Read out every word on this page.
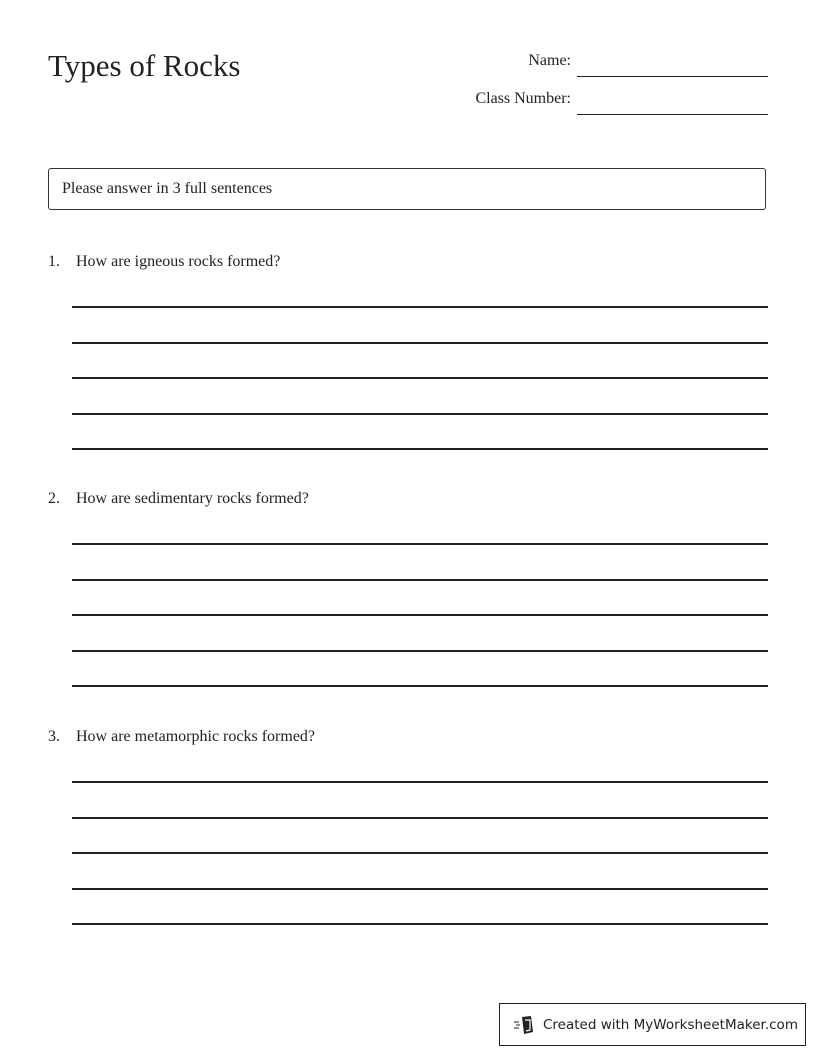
Types of Rocks	Name:
Class Number:
Please answer in 3 full sentences
1. How are igneous rocks formed?
2. How are sedimentary rocks formed?
3. How are metamorphic rocks formed?
Created with MyWorksheetMaker.com
